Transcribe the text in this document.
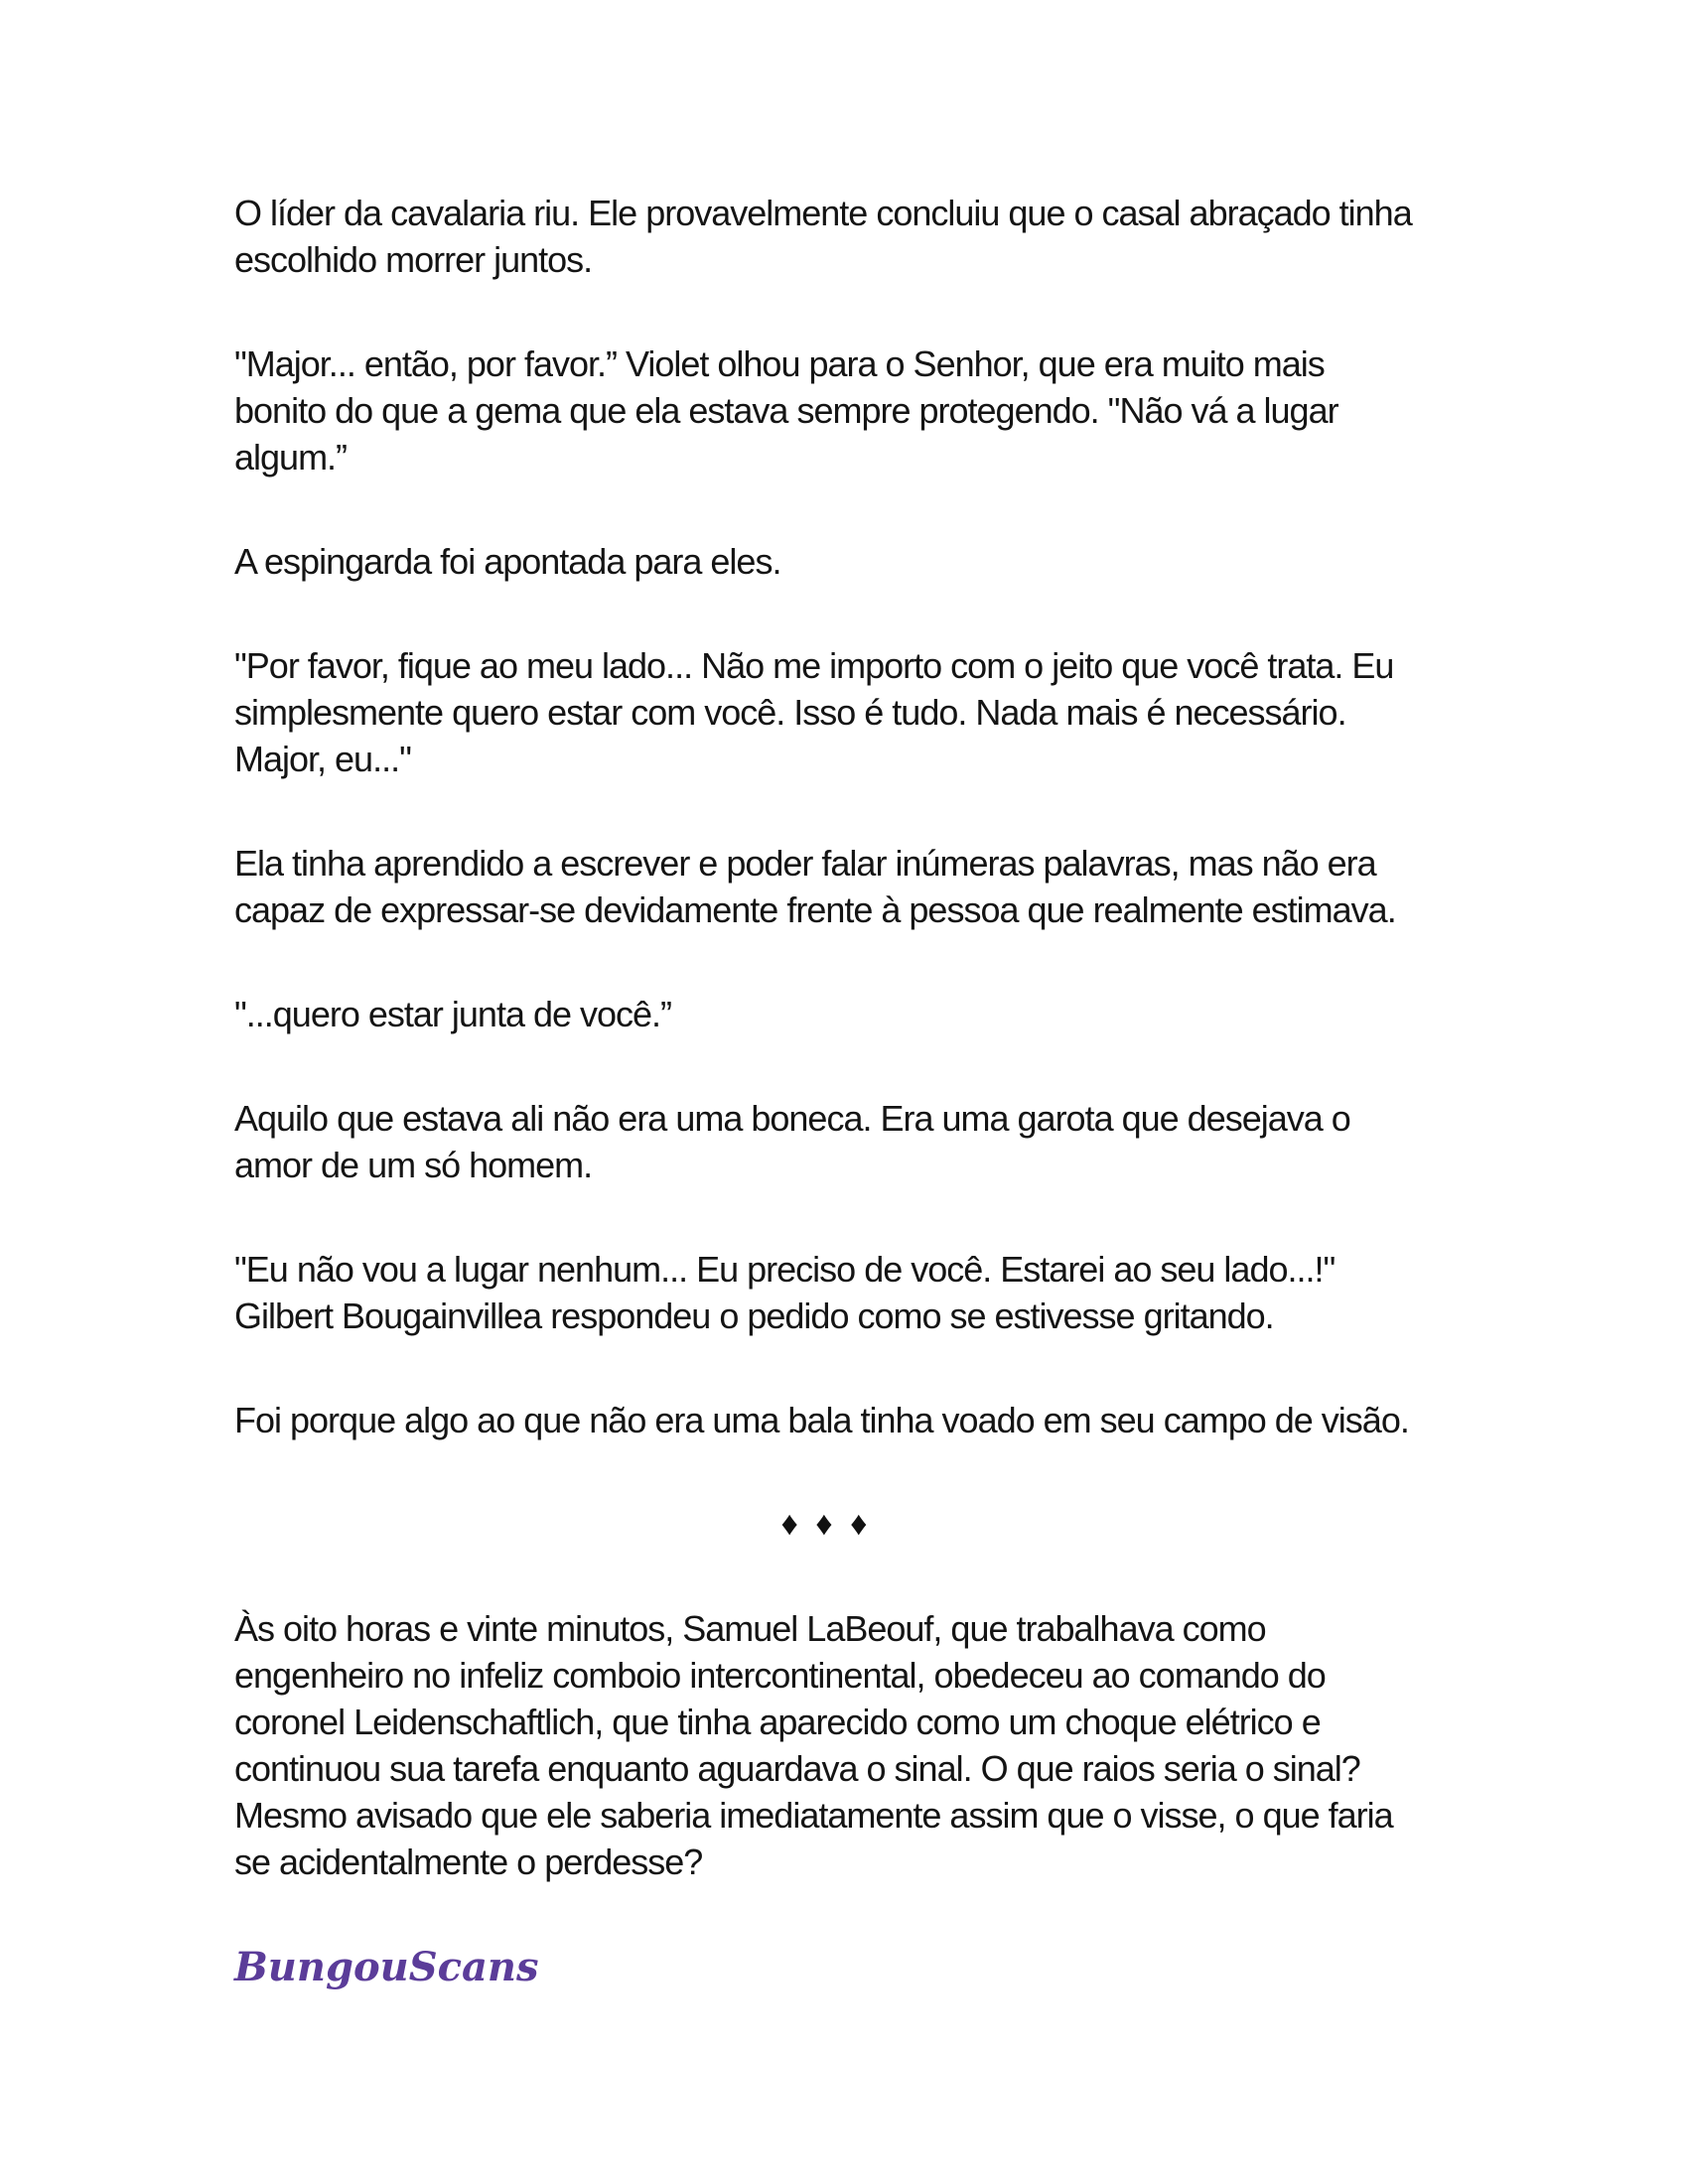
O líder da cavalaria riu. Ele provavelmente concluiu que o casal abraçado tinha escolhido morrer juntos.

"Major... então, por favor.” Violet olhou para o Senhor, que era muito mais bonito do que a gema que ela estava sempre protegendo. "Não vá a lugar algum.”

A espingarda foi apontada para eles.

"Por favor, fique ao meu lado... Não me importo com o jeito que você trata. Eu simplesmente quero estar com você. Isso é tudo. Nada mais é necessário. Major, eu..."

Ela tinha aprendido a escrever e poder falar inúmeras palavras, mas não era capaz de expressar-se devidamente frente à pessoa que realmente estimava.

"...quero estar junta de você.”

Aquilo que estava ali não era uma boneca. Era uma garota que desejava o amor de um só homem.

"Eu não vou a lugar nenhum... Eu preciso de você. Estarei ao seu lado...!" Gilbert Bougainvillea respondeu o pedido como se estivesse gritando.

Foi porque algo ao que não era uma bala tinha voado em seu campo de visão.

♦ ♦ ♦

Às oito horas e vinte minutos, Samuel LaBeouf, que trabalhava como engenheiro no infeliz comboio intercontinental, obedeceu ao comando do coronel Leidenschaftlich, que tinha aparecido como um choque elétrico e continuou sua tarefa enquanto aguardava o sinal. O que raios seria o sinal? Mesmo avisado que ele saberia imediatamente assim que o visse, o que faria se acidentalmente o perdesse?

BungouScans
